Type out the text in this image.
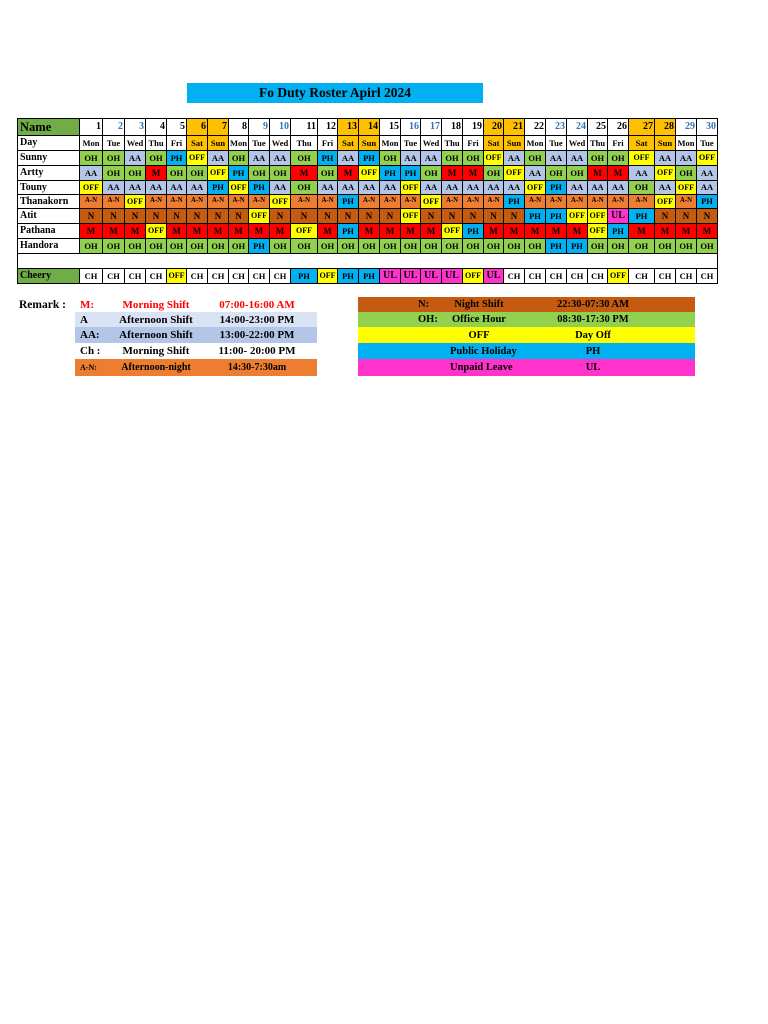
Fo Duty Roster Apirl 2024
Name	1	2	3	4	5	6	7	8	9	10	11	12	13	14	15	16	17	18	19	20	21	22	23	24	25	26	27	28	29	30
Day	Mon	Tue	Wed	Thu	Fri	Sat	Sun	Mon	Tue	Wed	Thu	Fri	Sat	Sun	Mon	Tue	Wed	Thu	Fri	Sat	Sun	Mon	Tue	Wed	Thu	Fri	Sat	Sun	Mon	Tue
Sunny	OH	OH	AA	OH	PH	OFF	AA	OH	AA	AA	OH	PH	AA	PH	OH	AA	AA	OH	OH	OFF	AA	OH	AA	AA	OH	OH	OFF	AA	AA	OFF
Artty	AA	OH	OH	M	OH	OH	OFF	PH	OH	OH	M	OH	M	OFF	PH	PH	OH	M	M	OH	OFF	AA	OH	OH	M	M	AA	OFF	OH	AA
Touny	OFF	AA	AA	AA	AA	AA	PH	OFF	PH	AA	OH	AA	AA	AA	AA	OFF	AA	AA	AA	AA	AA	OFF	PH	AA	AA	AA	OH	AA	OFF	AA
Thanakorn	A-N	A-N	OFF	A-N	A-N	A-N	A-N	A-N	A-N	OFF	A-N	A-N	PH	A-N	A-N	A-N	OFF	A-N	A-N	A-N	PH	A-N	A-N	A-N	A-N	A-N	A-N	OFF	A-N	PH
Atit	N	N	N	N	N	N	N	N	OFF	N	N	N	N	N	N	OFF	N	N	N	N	N	PH	PH	OFF	OFF	UL	PH	N	N	N
Pathana	M	M	M	OFF	M	M	M	M	M	M	OFF	M	PH	M	M	M	M	OFF	PH	M	M	M	M	M	OFF	PH	M	M	M	M
Handora	OH	OH	OH	OH	OH	OH	OH	OH	PH	OH	OH	OH	OH	OH	OH	OH	OH	OH	OH	OH	OH	OH	PH	PH	OH	OH	OH	OH	OH	OH

Cheery	CH	CH	CH	CH	OFF	CH	CH	CH	CH	CH	PH	OFF	PH	PH	UL	UL	UL	UL	OFF	UL	CH	CH	CH	CH	CH	OFF	CH	CH	CH	CH
Remark :	M:	Morning Shift	07:00-16:00 AM
A	Afternoon Shift	14:00-23:00 PM
AA:	Afternoon Shift	13:00-22:00 PM
Ch :	Morning Shift	11:00- 20:00 PM
A-N:	Afternoon-night	14:30-7:30am
N:	Night Shift	22:30-07:30 AM
OH:	Office Hour	08:30-17:30 PM
OFF	Day Off
Public Holiday	PH
Unpaid Leave	UL
